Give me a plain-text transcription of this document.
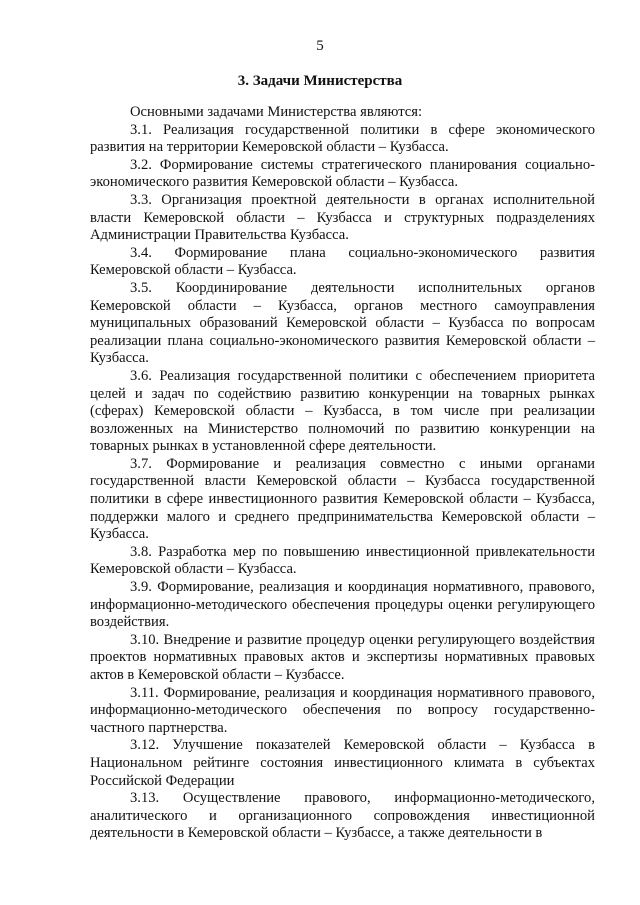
5
3. Задачи Министерства

Основными задачами Министерства являются:

3.1. Реализация государственной политики в сфере экономического развития на территории Кемеровской области – Кузбасса.

3.2. Формирование системы стратегического планирования социально-экономического развития Кемеровской области – Кузбасса.

3.3. Организация проектной деятельности в органах исполнительной власти Кемеровской области – Кузбасса и структурных подразделениях Администрации Правительства Кузбасса.

3.4. Формирование плана социально-экономического развития Кемеровской области – Кузбасса.

3.5. Координирование деятельности исполнительных органов Кемеровской области – Кузбасса, органов местного самоуправления муниципальных образований Кемеровской области – Кузбасса по вопросам реализации плана социально-экономического развития Кемеровской области – Кузбасса.

3.6. Реализация государственной политики с обеспечением приоритета целей и задач по содействию развитию конкуренции на товарных рынках (сферах) Кемеровской области – Кузбасса, в том числе при реализации возложенных на Министерство полномочий по развитию конкуренции на товарных рынках в установленной сфере деятельности.

3.7. Формирование и реализация совместно с иными органами государственной власти Кемеровской области – Кузбасса государственной политики в сфере инвестиционного развития Кемеровской области – Кузбасса, поддержки малого и среднего предпринимательства Кемеровской области – Кузбасса.

3.8. Разработка мер по повышению инвестиционной привлекательности Кемеровской области – Кузбасса.

3.9. Формирование, реализация и координация нормативного, правового, информационно-методического обеспечения процедуры оценки регулирующего воздействия.

3.10. Внедрение и развитие процедур оценки регулирующего воздействия проектов нормативных правовых актов и экспертизы нормативных правовых актов в Кемеровской области – Кузбассе.

3.11. Формирование, реализация и координация нормативного правового, информационно-методического обеспечения по вопросу государственно-частного партнерства.

3.12. Улучшение показателей Кемеровской области – Кузбасса в Национальном рейтинге состояния инвестиционного климата в субъектах Российской Федерации

3.13. Осуществление правового, информационно-методического, аналитического и организационного сопровождения инвестиционной деятельности в Кемеровской области – Кузбассе, а также деятельности в
